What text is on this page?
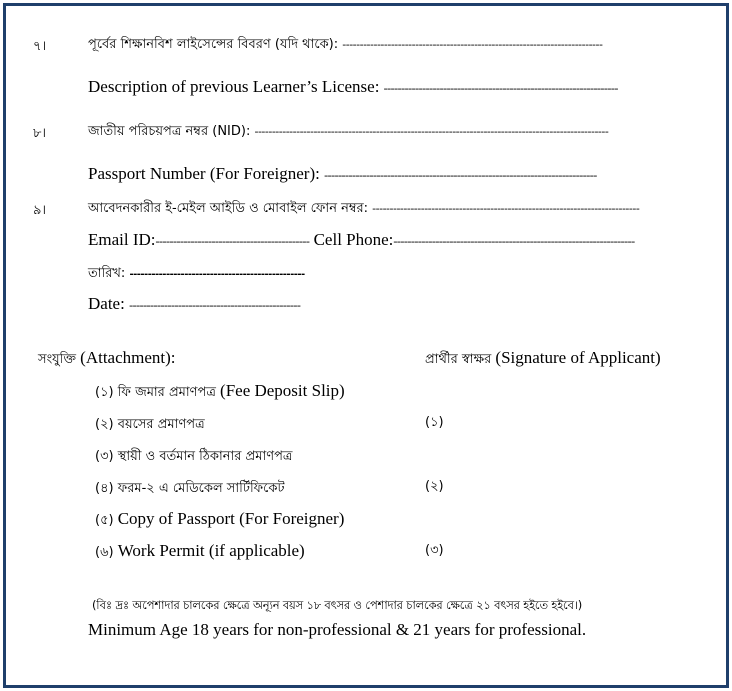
৭।	পূর্বের শিক্ষানবিশ লাইসেন্সের বিবরণ (যদি থাকে): ---------------------------------------------------------------------------
Description of previous Learner’s License: -------------------------------------------------------------------
৮।	জাতীয় পরিচয়পত্র নম্বর (NID): ------------------------------------------------------------------------------------------------------
Passport Number (For Foreigner): ------------------------------------------------------------------------------
৯।	আবেদনকারীর ই-মেইল আইডি ও মোবাইল ফোন নম্বর: -----------------------------------------------------------------------------
Email ID:-------------------------------------------- Cell Phone:---------------------------------------------------------------------
তারিখ: ------------------------------------------------
Date: -------------------------------------------------
সংযুক্তি (Attachment):	প্রার্থীর স্বাক্ষর (Signature of Applicant)
(১) ফি জমার প্রমাণপত্র (Fee Deposit Slip)
(২) বয়সের প্রমাণপত্র
(৩) স্থায়ী ও বর্তমান ঠিকানার প্রমাণপত্র
(৪) ফরম-২ এ মেডিকেল সার্টিফিকেট
(৫) Copy of Passport (For Foreigner)
(৬) Work Permit (if applicable)
(১)
(২)
(৩)
(বিঃ দ্রঃ অপেশাদার চালকের ক্ষেত্রে অন্যূন বয়স ১৮ বৎসর ও পেশাদার চালকের ক্ষেত্রে ২১ বৎসর হইতে হইবে।)
Minimum Age 18 years for non-professional & 21 years for professional.
